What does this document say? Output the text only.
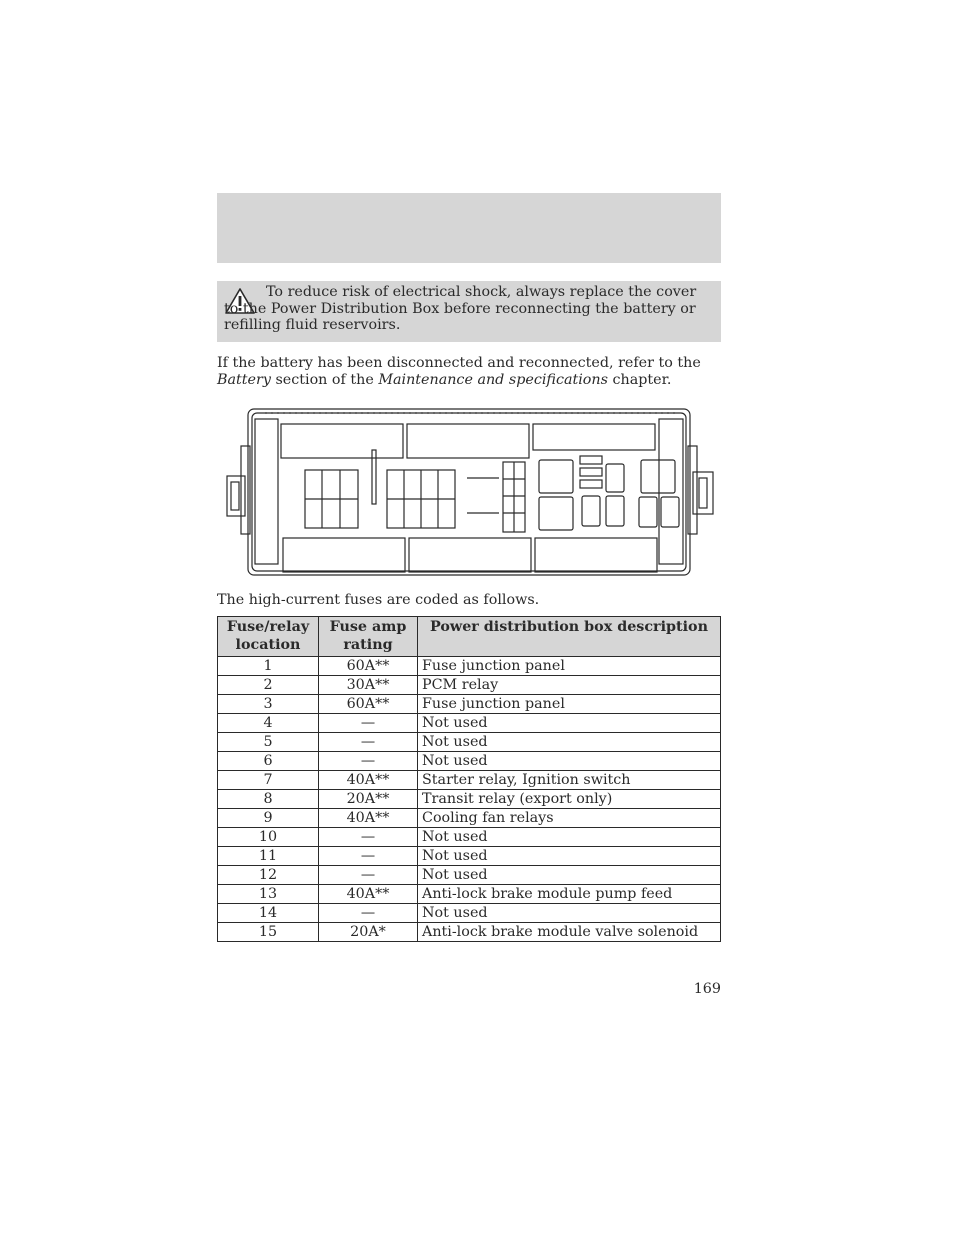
To reduce risk of electrical shock, always replace the cover to the Power Distribution Box before reconnecting the battery or refilling fluid reservoirs.
If the battery has been disconnected and reconnected, refer to the Battery section of the Maintenance and specifications chapter.
The high-current fuses are coded as follows.
Fuse/relay location	Fuse amp rating	Power distribution box description
1	60A**	Fuse junction panel
2	30A**	PCM relay
3	60A**	Fuse junction panel
4	—	Not used
5	—	Not used
6	—	Not used
7	40A**	Starter relay, Ignition switch
8	20A**	Transit relay (export only)
9	40A**	Cooling fan relays
10	—	Not used
11	—	Not used
12	—	Not used
13	40A**	Anti-lock brake module pump feed
14	—	Not used
15	20A*	Anti-lock brake module valve solenoid
169
